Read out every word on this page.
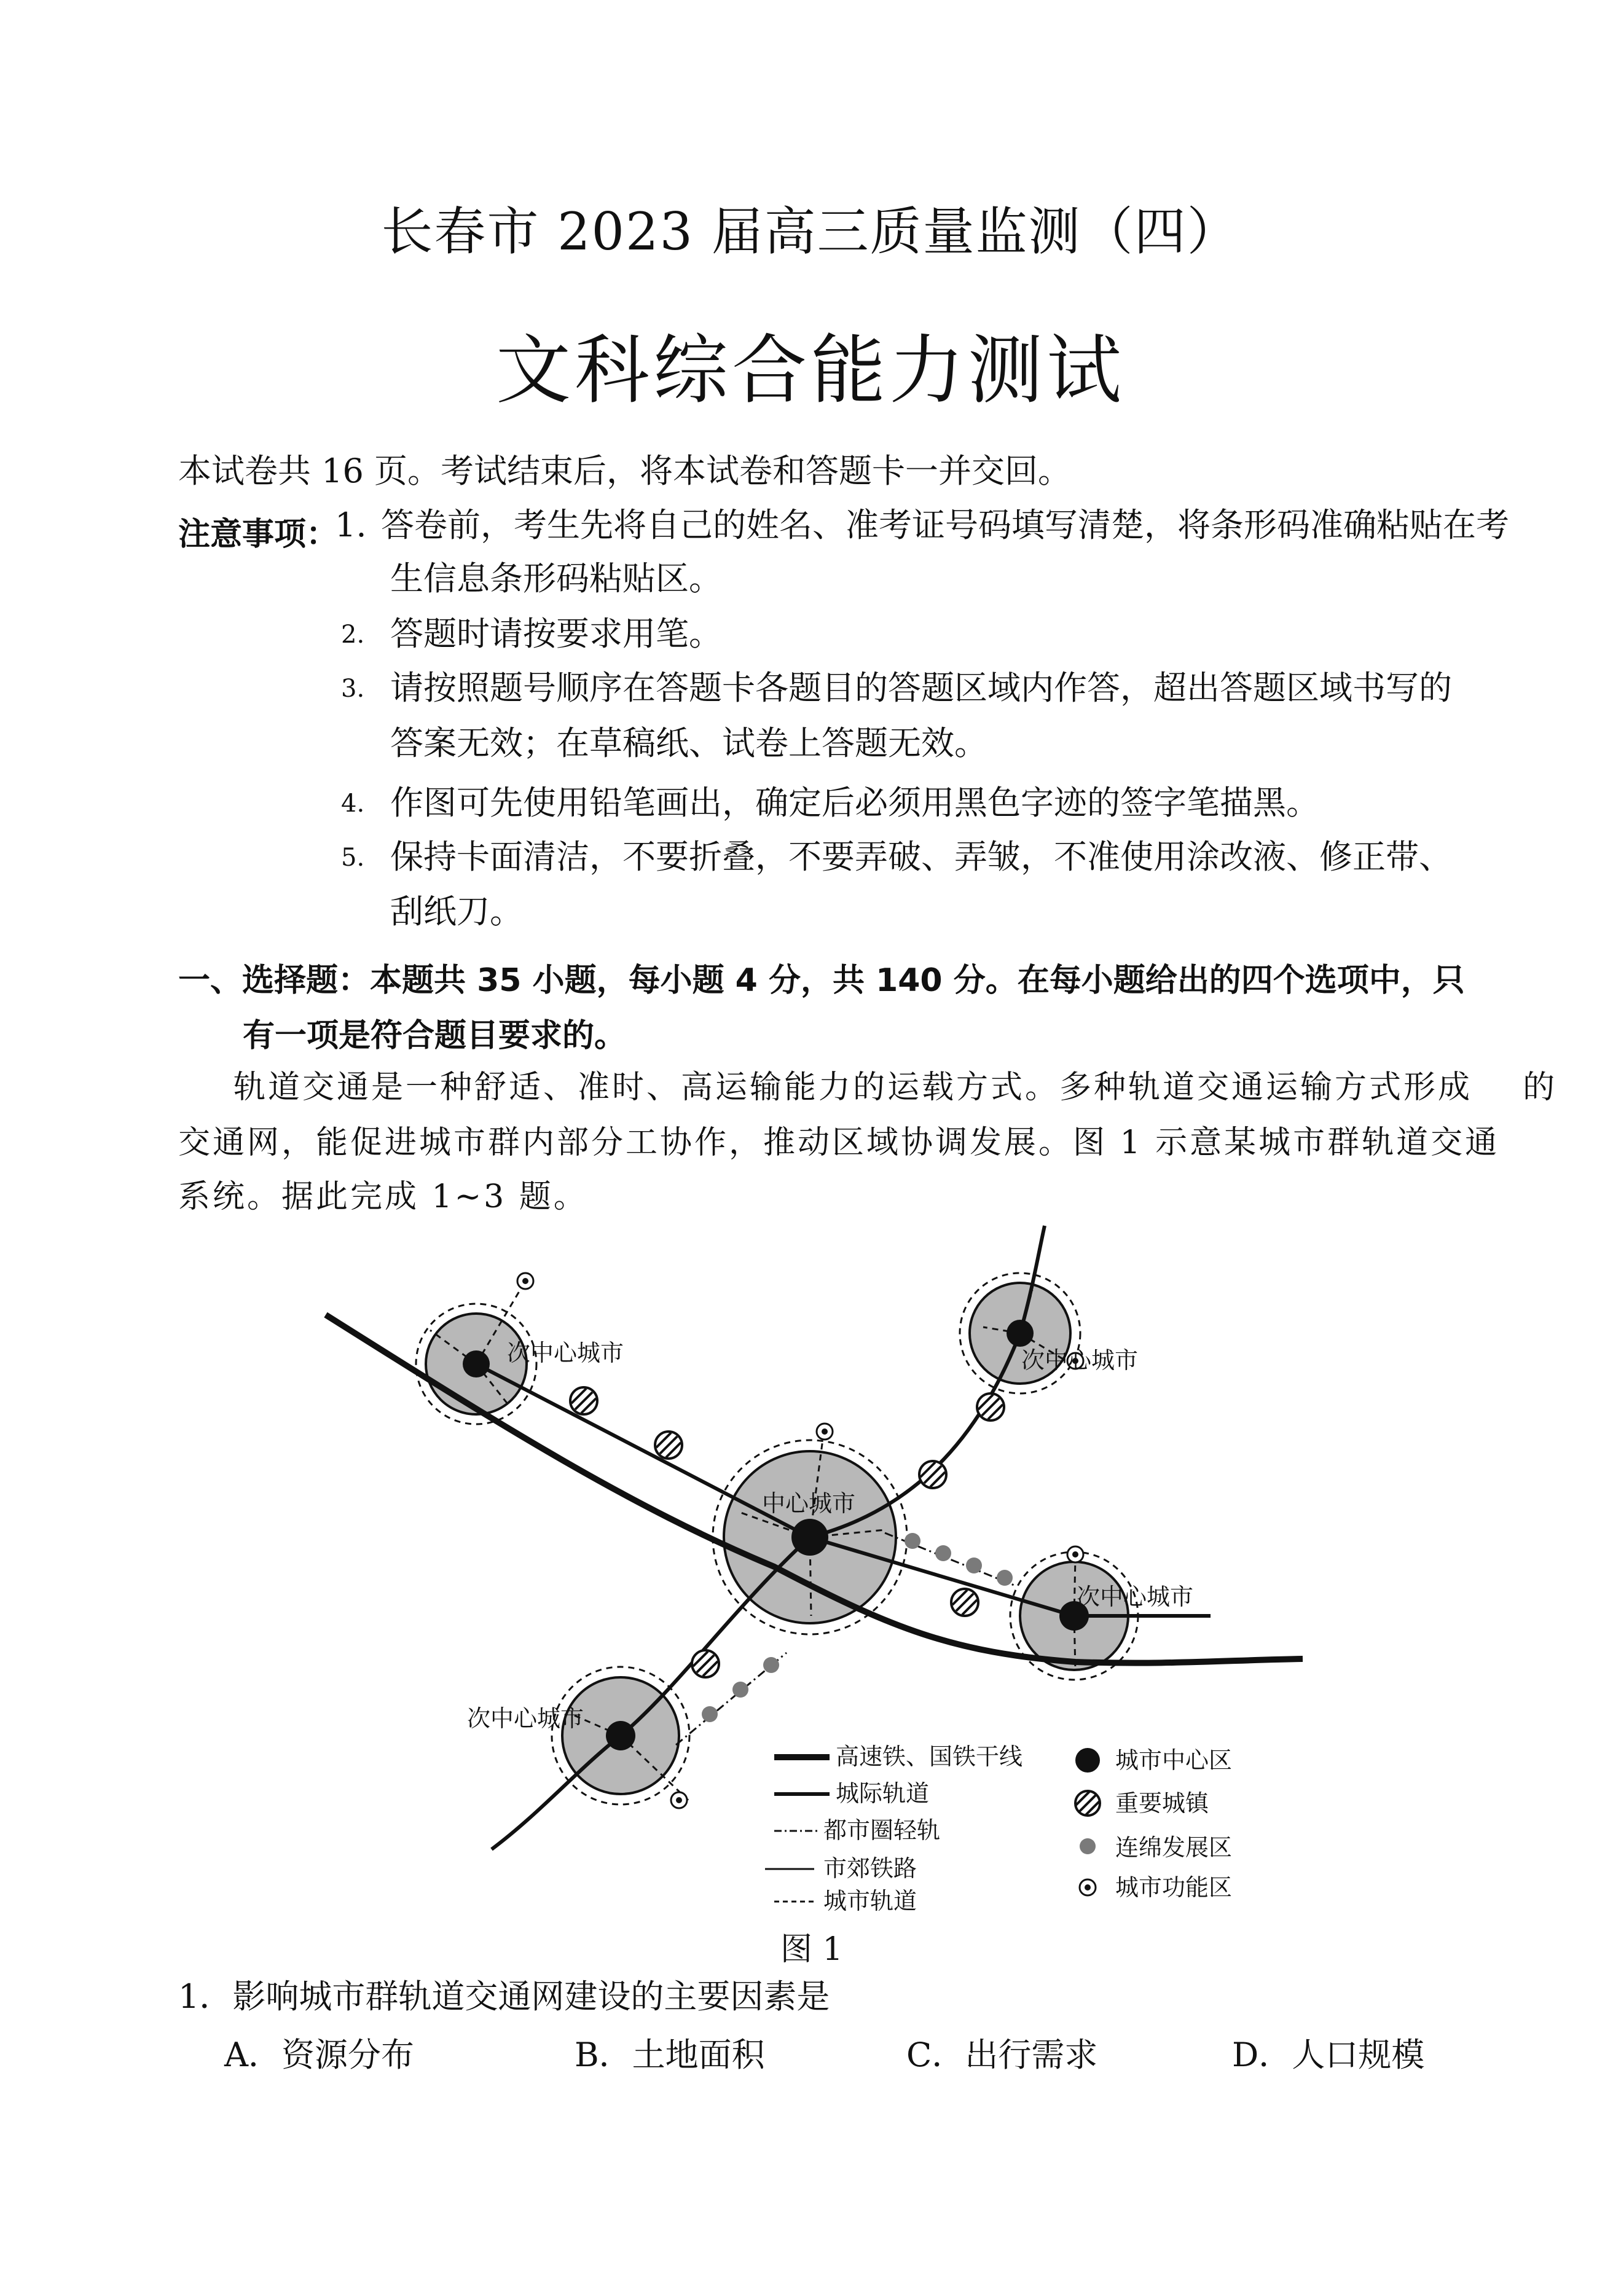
长春市 2023 届高三质量监测（四）
文科综合能力测试
本试卷共 16 页。考试结束后，将本试卷和答题卡一并交回。
注意事项：
1. 答卷前，考生先将自己的姓名、准考证号码填写清楚，将条形码准确粘贴在考
生信息条形码粘贴区。
2. 答题时请按要求用笔。
3. 请按照题号顺序在答题卡各题目的答题区域内作答，超出答题区域书写的
答案无效；在草稿纸、试卷上答题无效。
4. 作图可先使用铅笔画出，确定后必须用黑色字迹的签字笔描黑。
5. 保持卡面清洁，不要折叠，不要弄破、弄皱，不准使用涂改液、修正带、
刮纸刀。
一、选择题：本题共 35 小题，每小题 4 分，共 140 分。在每小题给出的四个选项中，只
有一项是符合题目要求的。
轨道交通是一种舒适、准时、高运输能力的运载方式。多种轨道交通运输方式形成    的
交通网，能促进城市群内部分工协作，推动区域协调发展。图 1 示意某城市群轨道交通
系统。据此完成 1~3 题。
次中心城市	次中心城市
中心城市
次中心城市
次中心城市
高速铁、国铁干线
城际轨道
都市圈轻轨
市郊铁路
城市轨道
城市中心区
重要城镇
连绵发展区
城市功能区
图 1
1．影响城市群轨道交通网建设的主要因素是
A．资源分布	B．土地面积	C．出行需求	D．人口规模
